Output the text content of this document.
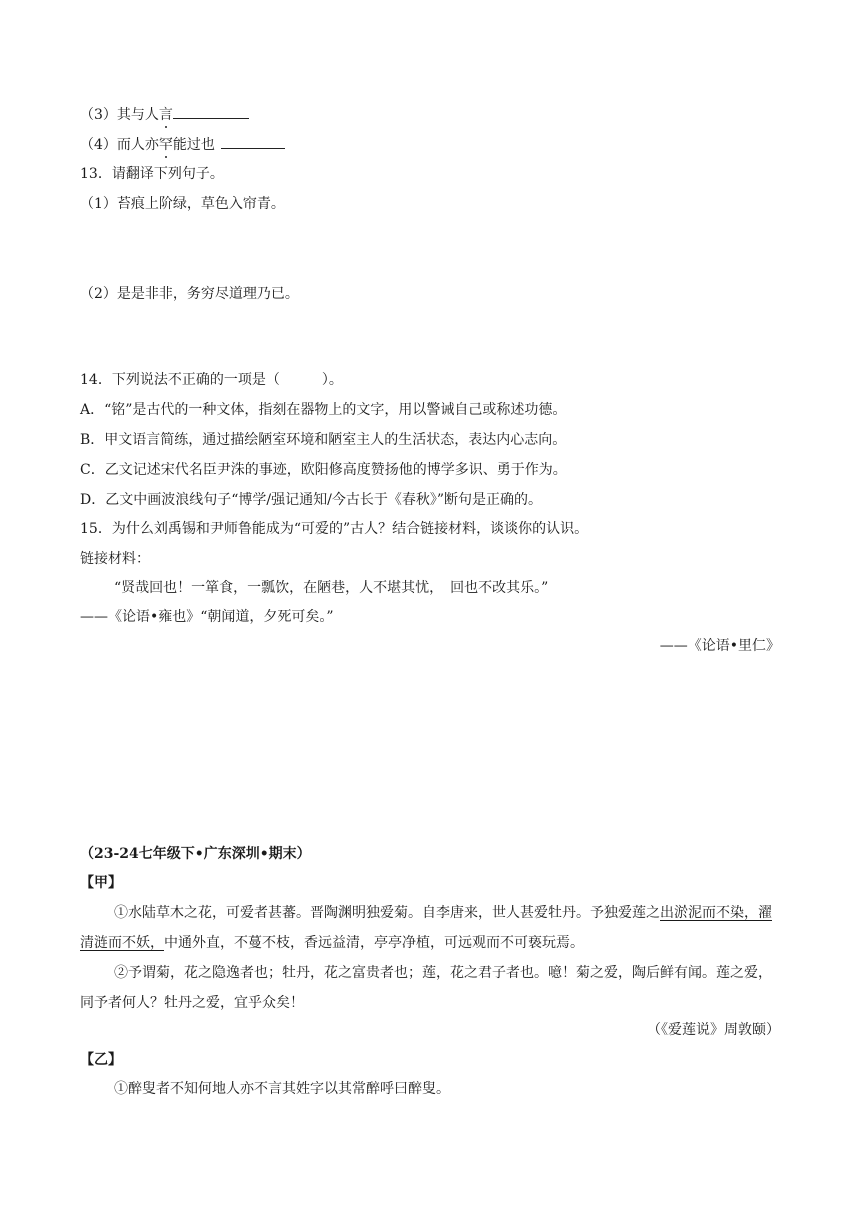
（3）其与人言
（4）而人亦罕能过也
13．请翻译下列句子。
（1）苔痕上阶绿，草色入帘青。
（2）是是非非，务穷尽道理乃已。
14．下列说法不正确的一项是（　　　）。
A．“铭”是古代的一种文体，指刻在器物上的文字，用以警诫自己或称述功德。
B．甲文语言简练，通过描绘陋室环境和陋室主人的生活状态，表达内心志向。
C．乙文记述宋代名臣尹洙的事迹，欧阳修高度赞扬他的博学多识、勇于作为。
D．乙文中画波浪线句子“博学/强记通知/今古长于《春秋》”断句是正确的。
15．为什么刘禹锡和尹师鲁能成为“可爱的”古人？结合链接材料，谈谈你的认识。
链接材料：
“贤哉回也！一箪食，一瓢饮，在陋巷，人不堪其忧，　回也不改其乐。”
——《论语•雍也》“朝闻道，夕死可矣。”
——《论语•里仁》
（23-24七年级下•广东深圳•期末）
【甲】
①水陆草木之花，可爱者甚蕃。晋陶渊明独爱菊。自李唐来，世人甚爱牡丹。予独爱莲之出淤泥而不染，濯清涟而不妖，中通外直，不蔓不枝，香远益清，亭亭净植，可远观而不可亵玩焉。
②予谓菊，花之隐逸者也；牡丹，花之富贵者也；莲，花之君子者也。噫！菊之爱，陶后鲜有闻。莲之爱，同予者何人？牡丹之爱，宜乎众矣！
（《爱莲说》周敦颐）
【乙】
①醉叟者不知何地人亦不言其姓字以其常醉呼曰醉叟。
